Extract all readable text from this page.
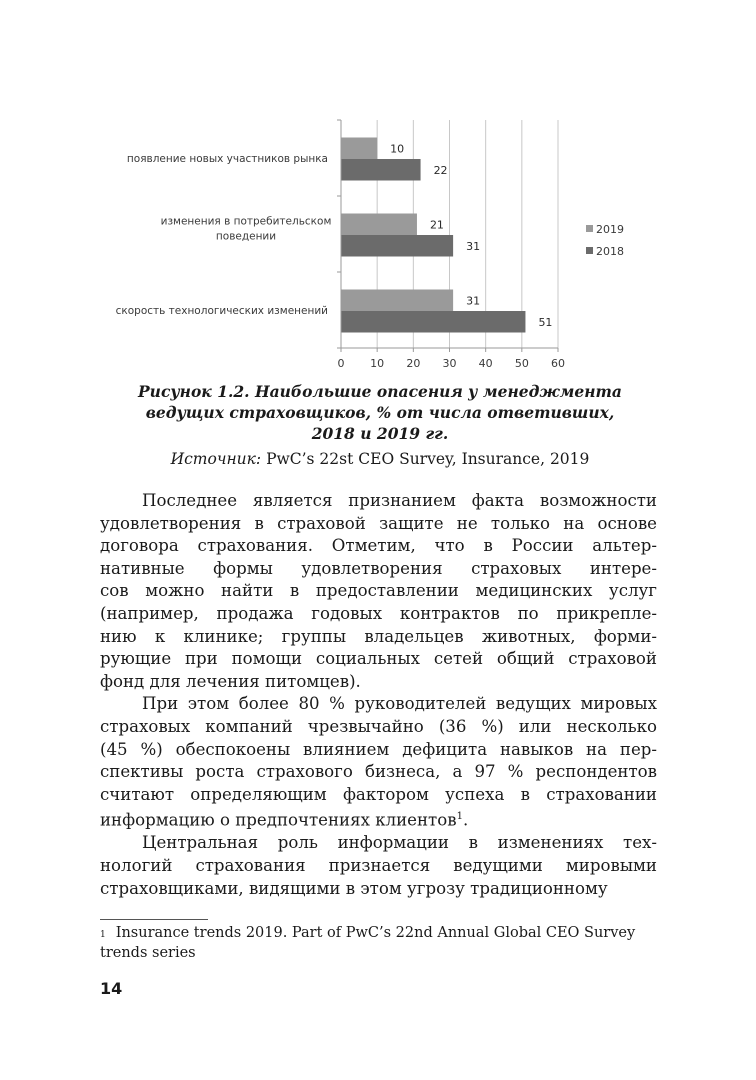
0 10 20 30 40 50 60
появление новых участников рынка
изменения в потребительском поведении
скорость технологических изменений
10
22
21
31
31
51
2019
2018
Рисунок 1.2. Наибольшие опасения у менеджмента
ведущих страховщиков, % от числа ответивших,
2018 и 2019 гг.
Источник: PwC’s 22st CEO Survey, Insurance, 2019

Последнее является признанием факта возможности
удовлетворения в страховой защите не только на основе
договора страхования. Отметим, что в России альтер-
нативные формы удовлетворения страховых интере-
сов можно найти в предоставлении медицинских услуг
(например, продажа годовых контрактов по прикрепле-
нию к клинике; группы владельцев животных, форми-
рующие при помощи социальных сетей общий страховой
фонд для лечения питомцев).

При этом более 80 % руководителей ведущих мировых
страховых компаний чрезвычайно (36 %) или несколько
(45 %) обеспокоены влиянием дефицита навыков на пер-
спективы роста страхового бизнеса, а 97 % респондентов
считают определяющим фактором успеха в страховании
информацию о предпочтениях клиентов$^1$.

Центральная роль информации в изменениях тех-
нологий страхования признается ведущими мировыми
страховщиками, видящими в этом угрозу традиционному

$^1$ Insurance trends 2019. Part of PwC’s 22nd Annual Global CEO Survey trends series
14
